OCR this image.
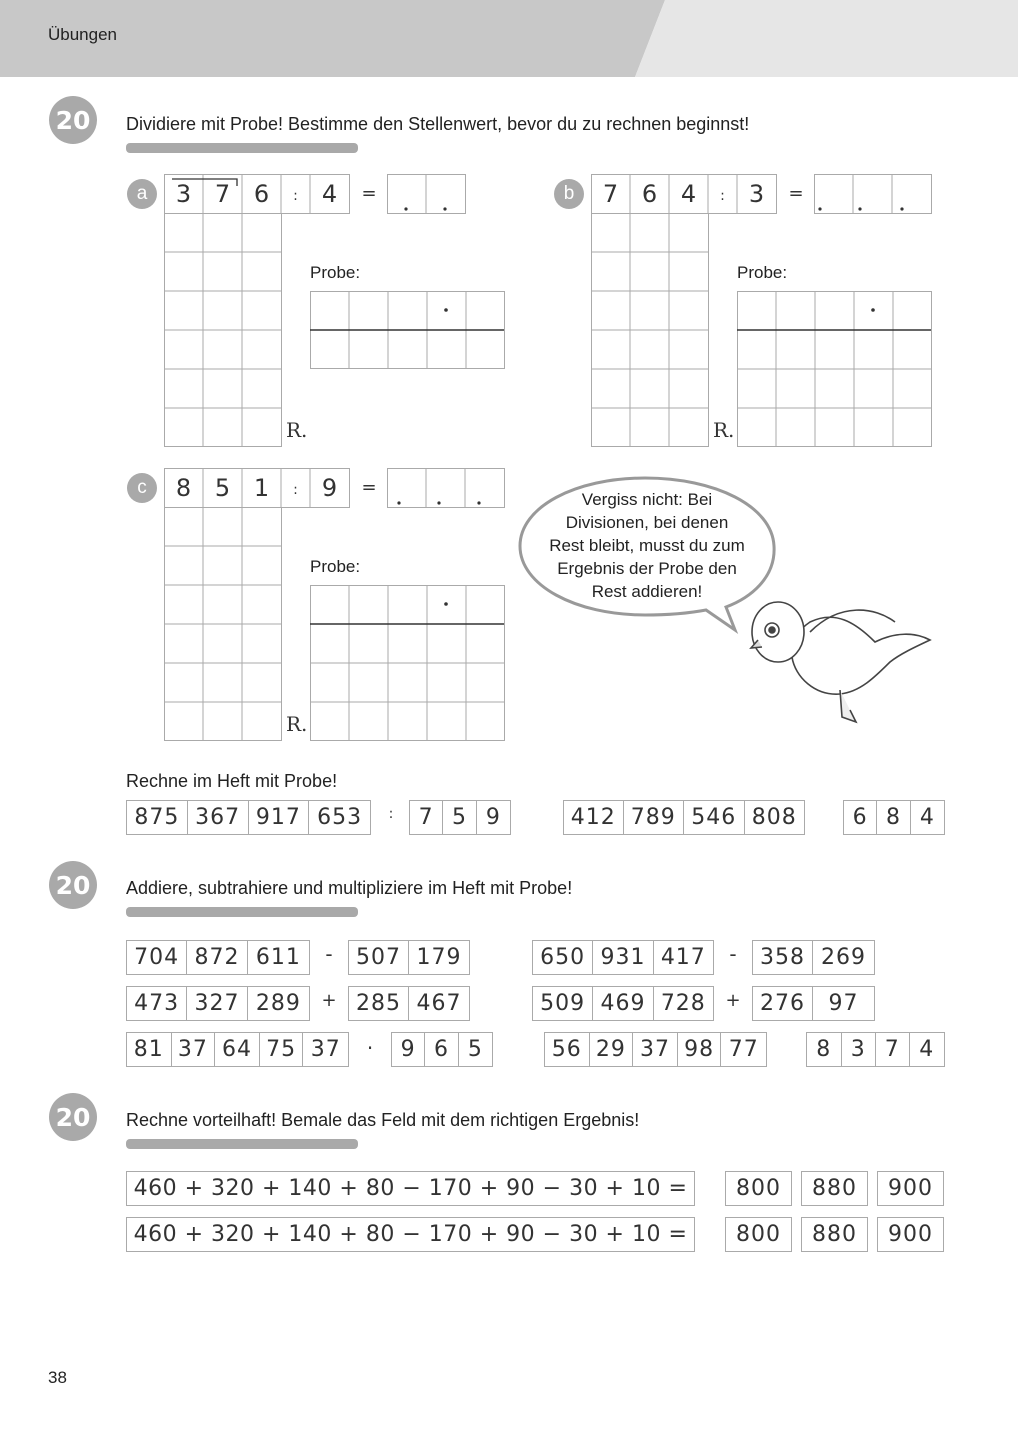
Übungen
20	Dividiere mit Probe! Bestimme den Stellenwert, bevor du zu rechnen beginnst!
a	3 7 6	:	4	=
Probe:
R.
b	7 6 4	:	3	=
Probe:
R.
c	8 5 1	:	9	=
Probe:
R.
Vergiss nicht: Bei
Divisionen, bei denen
Rest bleibt, musst du zum
Ergebnis der Probe den
Rest addieren!
Rechne im Heft mit Probe!
875 367 917 653	:	7 5 9	412 789 546 808	6 8 4
20	Addiere, subtrahiere und multipliziere im Heft mit Probe!
704 872 611	-	507 179	650 931 417	-	358 269
473 327 289	+ 285 467	509 469 728	+ 276	97
81 37 64 75 37	·	9 6 5	56 29 37 98 77	8 3 7 4
20	Rechne vorteilhaft! Bemale das Feld mit dem richtigen Ergebnis!
460 + 320 + 140 + 80 − 170 + 90 − 30 + 10 =	800	880	900
460 + 320 + 140 + 80 − 170 + 90 − 30 + 10 =	800	880	900
38
